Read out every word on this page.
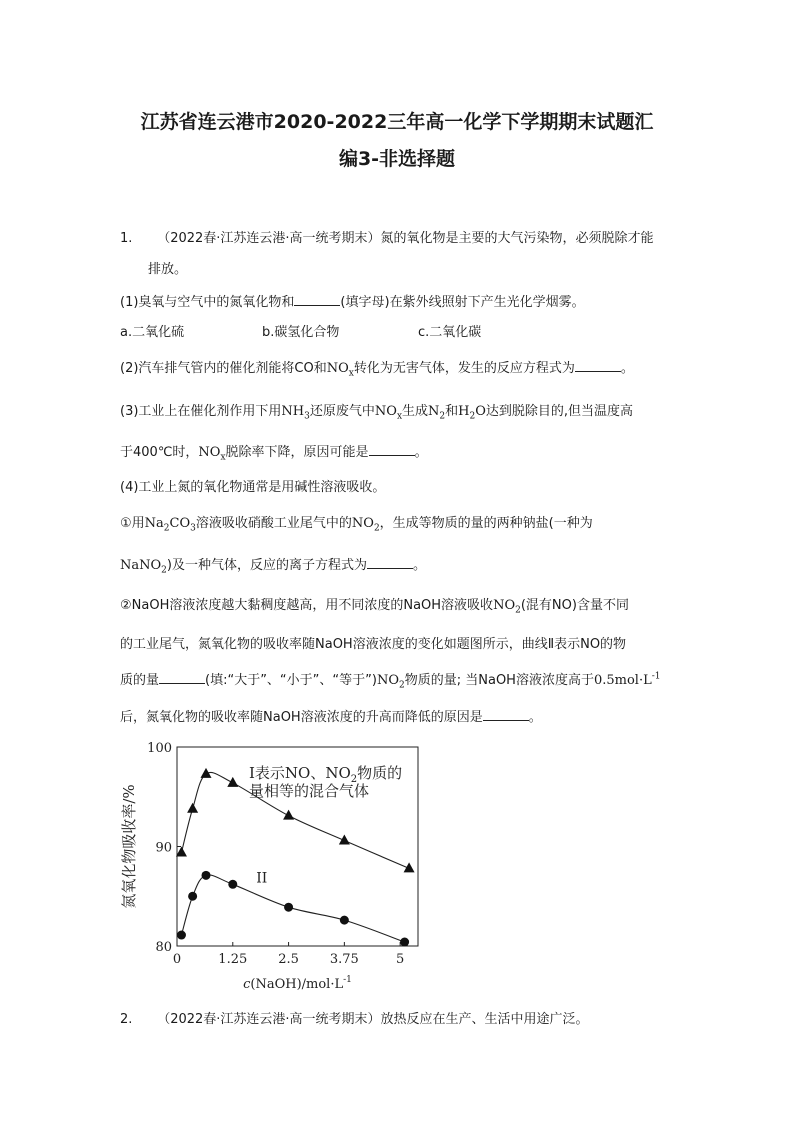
江苏省连云港市2020-2022三年高一化学下学期期末试题汇
编3-非选择题
1. （2022春·江苏连云港·高一统考期末）氮的氧化物是主要的大气污染物，必须脱除才能
排放。
(1)臭氧与空气中的氮氧化物和	(填字母)在紫外线照射下产生光化学烟雾。
a.二氧化硫	b.碳氢化合物	c.二氧化碳
(2)汽车排气管内的催化剂能将CO和$NO_x$转化为无害气体，发生的反应方程式为	。
(3)工业上在催化剂作用下用$NH_3$还原废气中$NO_x$生成$N_2$和$H_2O$达到脱除目的,但当温度高
于400℃时，$NO_x$脱除率下降，原因可能是	。
(4)工业上氮的氧化物通常是用碱性溶液吸收。
①用$Na_2CO_3$溶液吸收硝酸工业尾气中的$NO_2$，生成等物质的量的两种钠盐(一种为
NaNO$_2$)及一种气体，反应的离子方程式为	。
②NaOH溶液浓度越大黏稠度越高，用不同浓度的NaOH溶液吸收$NO_2$(混有NO)含量不同
的工业尾气，氮氧化物的吸收率随NaOH溶液浓度的变化如题图所示，曲线Ⅱ表示NO的物
质的量	(填:“大于”、“小于”、“等于$”)NO_2$物质的量; 当NaOH溶液浓度高于$0.5mol\cdot L^{-1}$
后，氮氧化物的吸收率随NaOH溶液浓度的升高而降低的原因是	。
0	1.25 2.5 3.75	5
80
90
100
$c(NaOH)/mol\cdot L^{-1}$
氮氧化物吸收率/%
I表示NO、$NO_2$物质的
量相等的混合气体
II
2. （2022春·江苏连云港·高一统考期末）放热反应在生产、生活中用途广泛。
